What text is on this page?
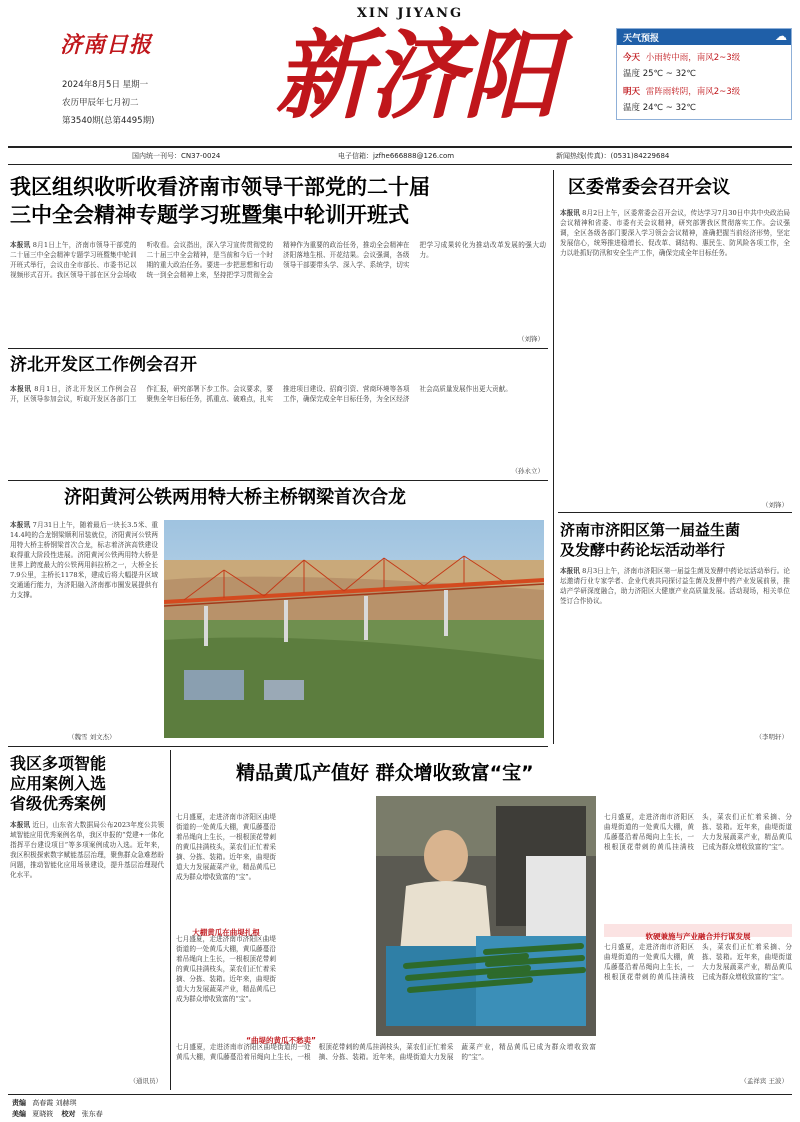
济南日报
2024年8月5日 星期一
农历甲辰年七月初二
第3540期(总第4495期)
XIN JIYANG
新济阳	天气预报	☁
今天 小雨转中雨，南风2~3级
温度 25℃ ~ 32℃
明天 雷阵雨转阴，南风2~3级
温度 24℃ ~ 32℃
国内统一刊号：CN37-0024	电子信箱：jzfhe666888@126.com	新闻热线(传真)：(0531)84229684
我区组织收听收看济南市领导干部党的二十届
三中全会精神专题学习班暨集中轮训开班式
本报讯 8月1日上午，济南市领导干部党的二十届三中全会精神专题学习班暨集中轮训开班式举行，会议由全市部长、市委书记以视频形式召开。我区领导干部在区分会场收听收看。会议指出，深入学习宣传贯彻党的二十届三中全会精神，是当前和今后一个时期的重大政治任务。要进一步把思想和行动统一到全会精神上来，坚持把学习贯彻全会精神作为重要的政治任务，推动全会精神在济阳落地生根、开花结果。会议强调，各级领导干部要带头学、深入学、系统学，切实把学习成果转化为推动改革发展的强大动力。
（刘锋）
济北开发区工作例会召开
本报讯 8月1日，济北开发区工作例会召开，区领导参加会议，听取开发区各部门工作汇报，研究部署下步工作。会议要求，要聚焦全年目标任务，抓重点、破难点，扎实推进项目建设、招商引资、营商环境等各项工作，确保完成全年目标任务，为全区经济社会高质量发展作出更大贡献。
（孙永立）
济阳黄河公铁两用特大桥主桥钢梁首次合龙
本报讯 7月31日上午，随着最后一块长3.5米、重14.4吨的合龙钢梁顺利吊装就位，济阳黄河公铁两用特大桥主桥钢梁首次合龙，标志着济滨高铁建设取得重大阶段性进展。济阳黄河公铁两用特大桥是世界上跨度最大的公铁两用斜拉桥之一，大桥全长7.9公里，主桥长1178米，建成后将大幅提升区域交通通行能力，为济阳融入济南都市圈发展提供有力支撑。
（魏雪 刘文杰）
我区多项智能
应用案例入选
省级优秀案例
本报讯 近日，山东省大数据局公布2023年度公共领域智能应用优秀案例名单，我区申报的“党建+一体化指挥平台建设项目”等多项案例成功入选。近年来，我区积极探索数字赋能基层治理，聚焦群众急难愁盼问题，推动智能化应用场景建设，提升基层治理现代化水平。
（通讯员）
精品黄瓜产值好 群众增收致富“宝”
七月盛夏，走进济南市济阳区曲堤街道的一处黄瓜大棚，黄瓜藤蔓沿着吊绳向上生长，一根根顶花带刺的黄瓜挂满枝头，菜农们正忙着采摘、分拣、装箱。近年来，曲堤街道大力发展蔬菜产业，精品黄瓜已成为群众增收致富的“宝”。
大棚黄瓜在曲堤扎根
七月盛夏，走进济南市济阳区曲堤街道的一处黄瓜大棚，黄瓜藤蔓沿着吊绳向上生长，一根根顶花带刺的黄瓜挂满枝头，菜农们正忙着采摘、分拣、装箱。近年来，曲堤街道大力发展蔬菜产业，精品黄瓜已成为群众增收致富的“宝”。
“曲堤的黄瓜不愁卖”
七月盛夏，走进济南市济阳区曲堤街道的一处黄瓜大棚，黄瓜藤蔓沿着吊绳向上生长，一根根顶花带刺的黄瓜挂满枝头，菜农们正忙着采摘、分拣、装箱。近年来，曲堤街道大力发展蔬菜产业，精品黄瓜已成为群众增收致富的“宝”。
七月盛夏，走进济南市济阳区曲堤街道的一处黄瓜大棚，黄瓜藤蔓沿着吊绳向上生长，一根根顶花带刺的黄瓜挂满枝头，菜农们正忙着采摘、分拣、装箱。近年来，曲堤街道大力发展蔬菜产业，精品黄瓜已成为群众增收致富的“宝”。
软硬兼施与产业融合并行谋发展
七月盛夏，走进济南市济阳区曲堤街道的一处黄瓜大棚，黄瓜藤蔓沿着吊绳向上生长，一根根顶花带刺的黄瓜挂满枝头，菜农们正忙着采摘、分拣、装箱。近年来，曲堤街道大力发展蔬菜产业，精品黄瓜已成为群众增收致富的“宝”。
（孟祥宾 王波）
区委常委会召开会议
本报讯 8月2日上午，区委常委会召开会议，传达学习7月30日中共中央政治局会议精神和省委、市委有关会议精神，研究部署我区贯彻落实工作。会议强调，全区各级各部门要深入学习领会会议精神，准确把握当前经济形势，坚定发展信心，统筹推进稳增长、促改革、调结构、惠民生、防风险各项工作，全力以赴抓好防汛和安全生产工作，确保完成全年目标任务。
（刘锋）
济南市济阳区第一届益生菌
及发酵中药论坛活动举行
本报讯 8月3日上午，济南市济阳区第一届益生菌及发酵中药论坛活动举行。论坛邀请行业专家学者、企业代表共同探讨益生菌及发酵中药产业发展前景，推动产学研深度融合，助力济阳区大健康产业高质量发展。活动现场，相关单位签订合作协议。
（李明轩）
责编 高春霞 刘赫琪
美编 夏晓筱 校对 张东春
